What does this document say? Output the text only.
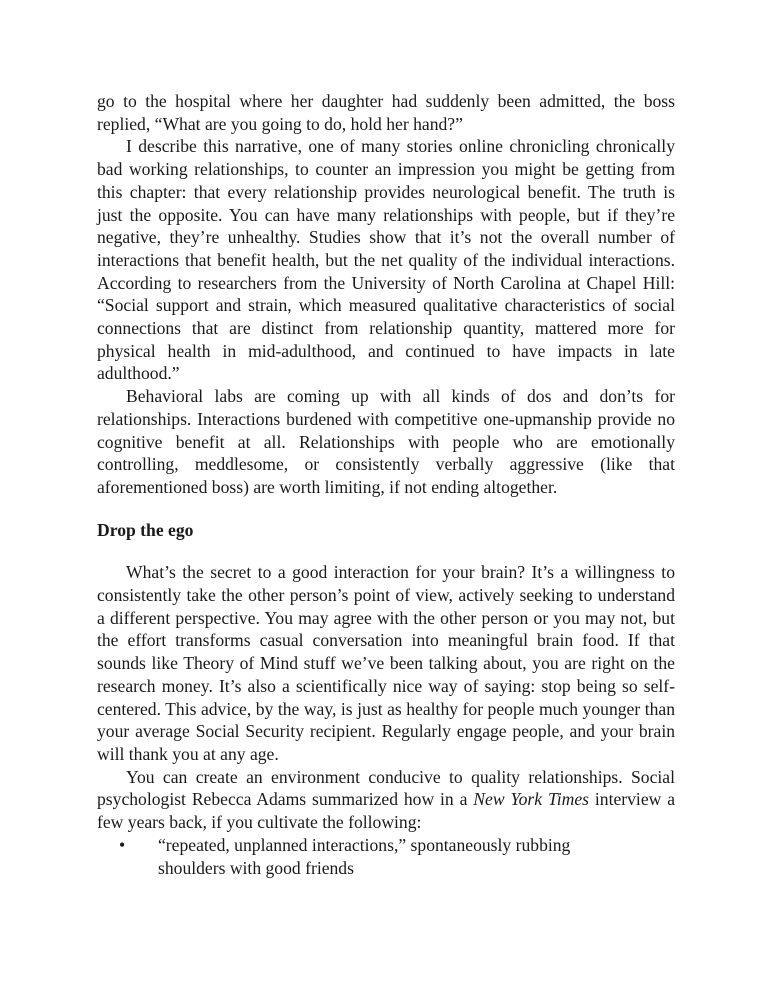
go to the hospital where her daughter had suddenly been admitted, the boss replied, “What are you going to do, hold her hand?”

I describe this narrative, one of many stories online chronicling chronically bad working relationships, to counter an impression you might be getting from this chapter: that every relationship provides neurological benefit. The truth is just the opposite. You can have many relationships with people, but if they’re negative, they’re unhealthy. Studies show that it’s not the overall number of interactions that benefit health, but the net quality of the individual interactions. According to researchers from the University of North Carolina at Chapel Hill: “Social support and strain, which measured qualitative characteristics of social connections that are distinct from relationship quantity, mattered more for physical health in mid-adulthood, and continued to have impacts in late adulthood.”

Behavioral labs are coming up with all kinds of dos and don’ts for relationships. Interactions burdened with competitive one-upmanship provide no cognitive benefit at all. Relationships with people who are emotionally controlling, meddlesome, or consistently verbally aggressive (like that aforementioned boss) are worth limiting, if not ending altogether.

Drop the ego

What’s the secret to a good interaction for your brain? It’s a willingness to consistently take the other person’s point of view, actively seeking to understand a different perspective. You may agree with the other person or you may not, but the effort transforms casual conversation into meaningful brain food. If that sounds like Theory of Mind stuff we’ve been talking about, you are right on the research money. It’s also a scientifically nice way of saying: stop being so self-centered. This advice, by the way, is just as healthy for people much younger than your average Social Security recipient. Regularly engage people, and your brain will thank you at any age.

You can create an environment conducive to quality relationships. Social psychologist Rebecca Adams summarized how in a New York Times interview a few years back, if you cultivate the following:

• “repeated, unplanned interactions,” spontaneously rubbing shoulders with good friends
